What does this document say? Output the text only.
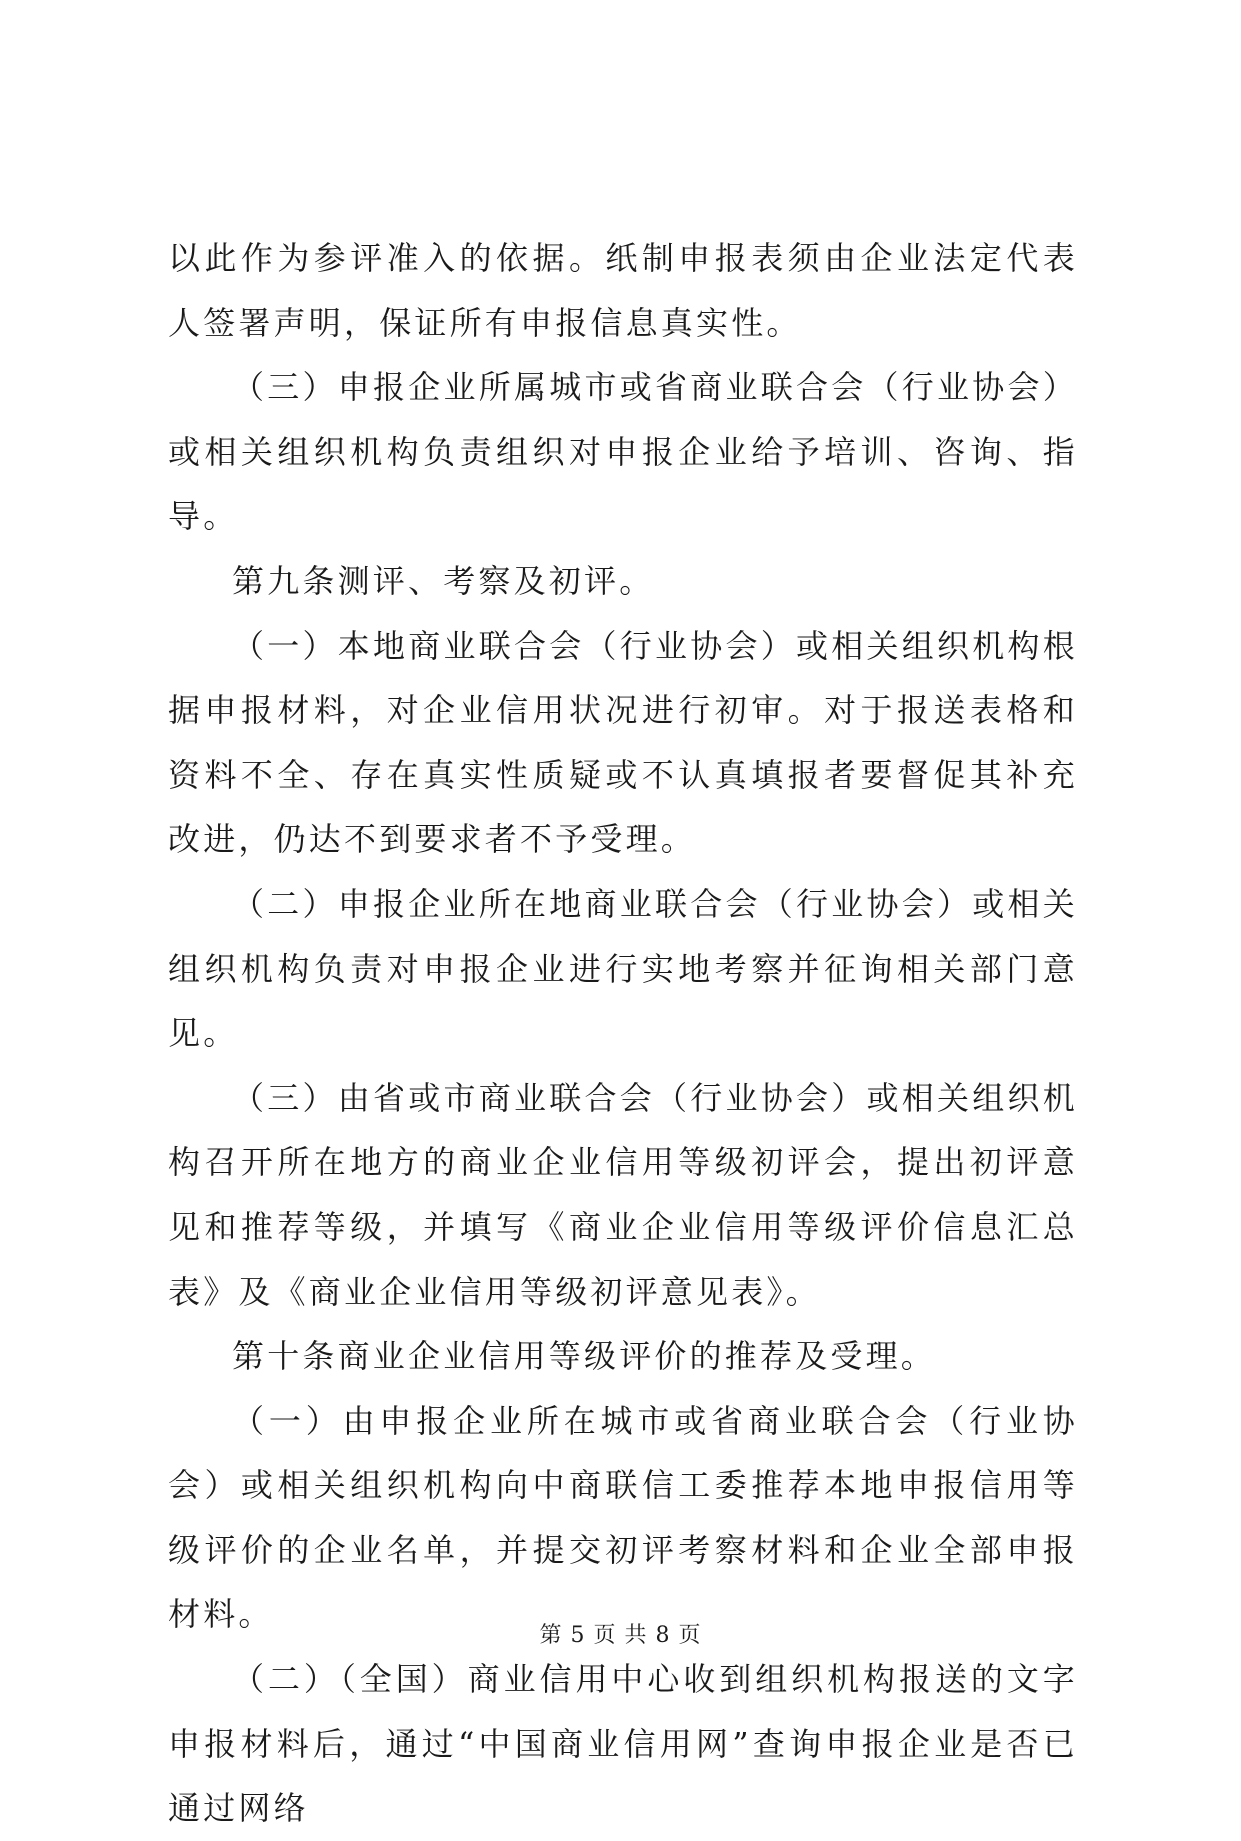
以此作为参评准入的依据。纸制申报表须由企业法定代表人签署声明，保证所有申报信息真实性。

（三）申报企业所属城市或省商业联合会（行业协会）或相关组织机构负责组织对申报企业给予培训、咨询、指导。

第九条测评、考察及初评。

（一）本地商业联合会（行业协会）或相关组织机构根据申报材料，对企业信用状况进行初审。对于报送表格和资料不全、存在真实性质疑或不认真填报者要督促其补充改进，仍达不到要求者不予受理。

（二）申报企业所在地商业联合会（行业协会）或相关组织机构负责对申报企业进行实地考察并征询相关部门意见。

（三）由省或市商业联合会（行业协会）或相关组织机构召开所在地方的商业企业信用等级初评会，提出初评意见和推荐等级，并填写《商业企业信用等级评价信息汇总表》及《商业企业信用等级初评意见表》。

第十条商业企业信用等级评价的推荐及受理。

（一）由申报企业所在城市或省商业联合会（行业协会）或相关组织机构向中商联信工委推荐本地申报信用等级评价的企业名单，并提交初评考察材料和企业全部申报材料。

（二）（全国）商业信用中心收到组织机构报送的文字申报材料后，通过“中国商业信用网”查询申报企业是否已通过网络

第 5 页 共 8 页
